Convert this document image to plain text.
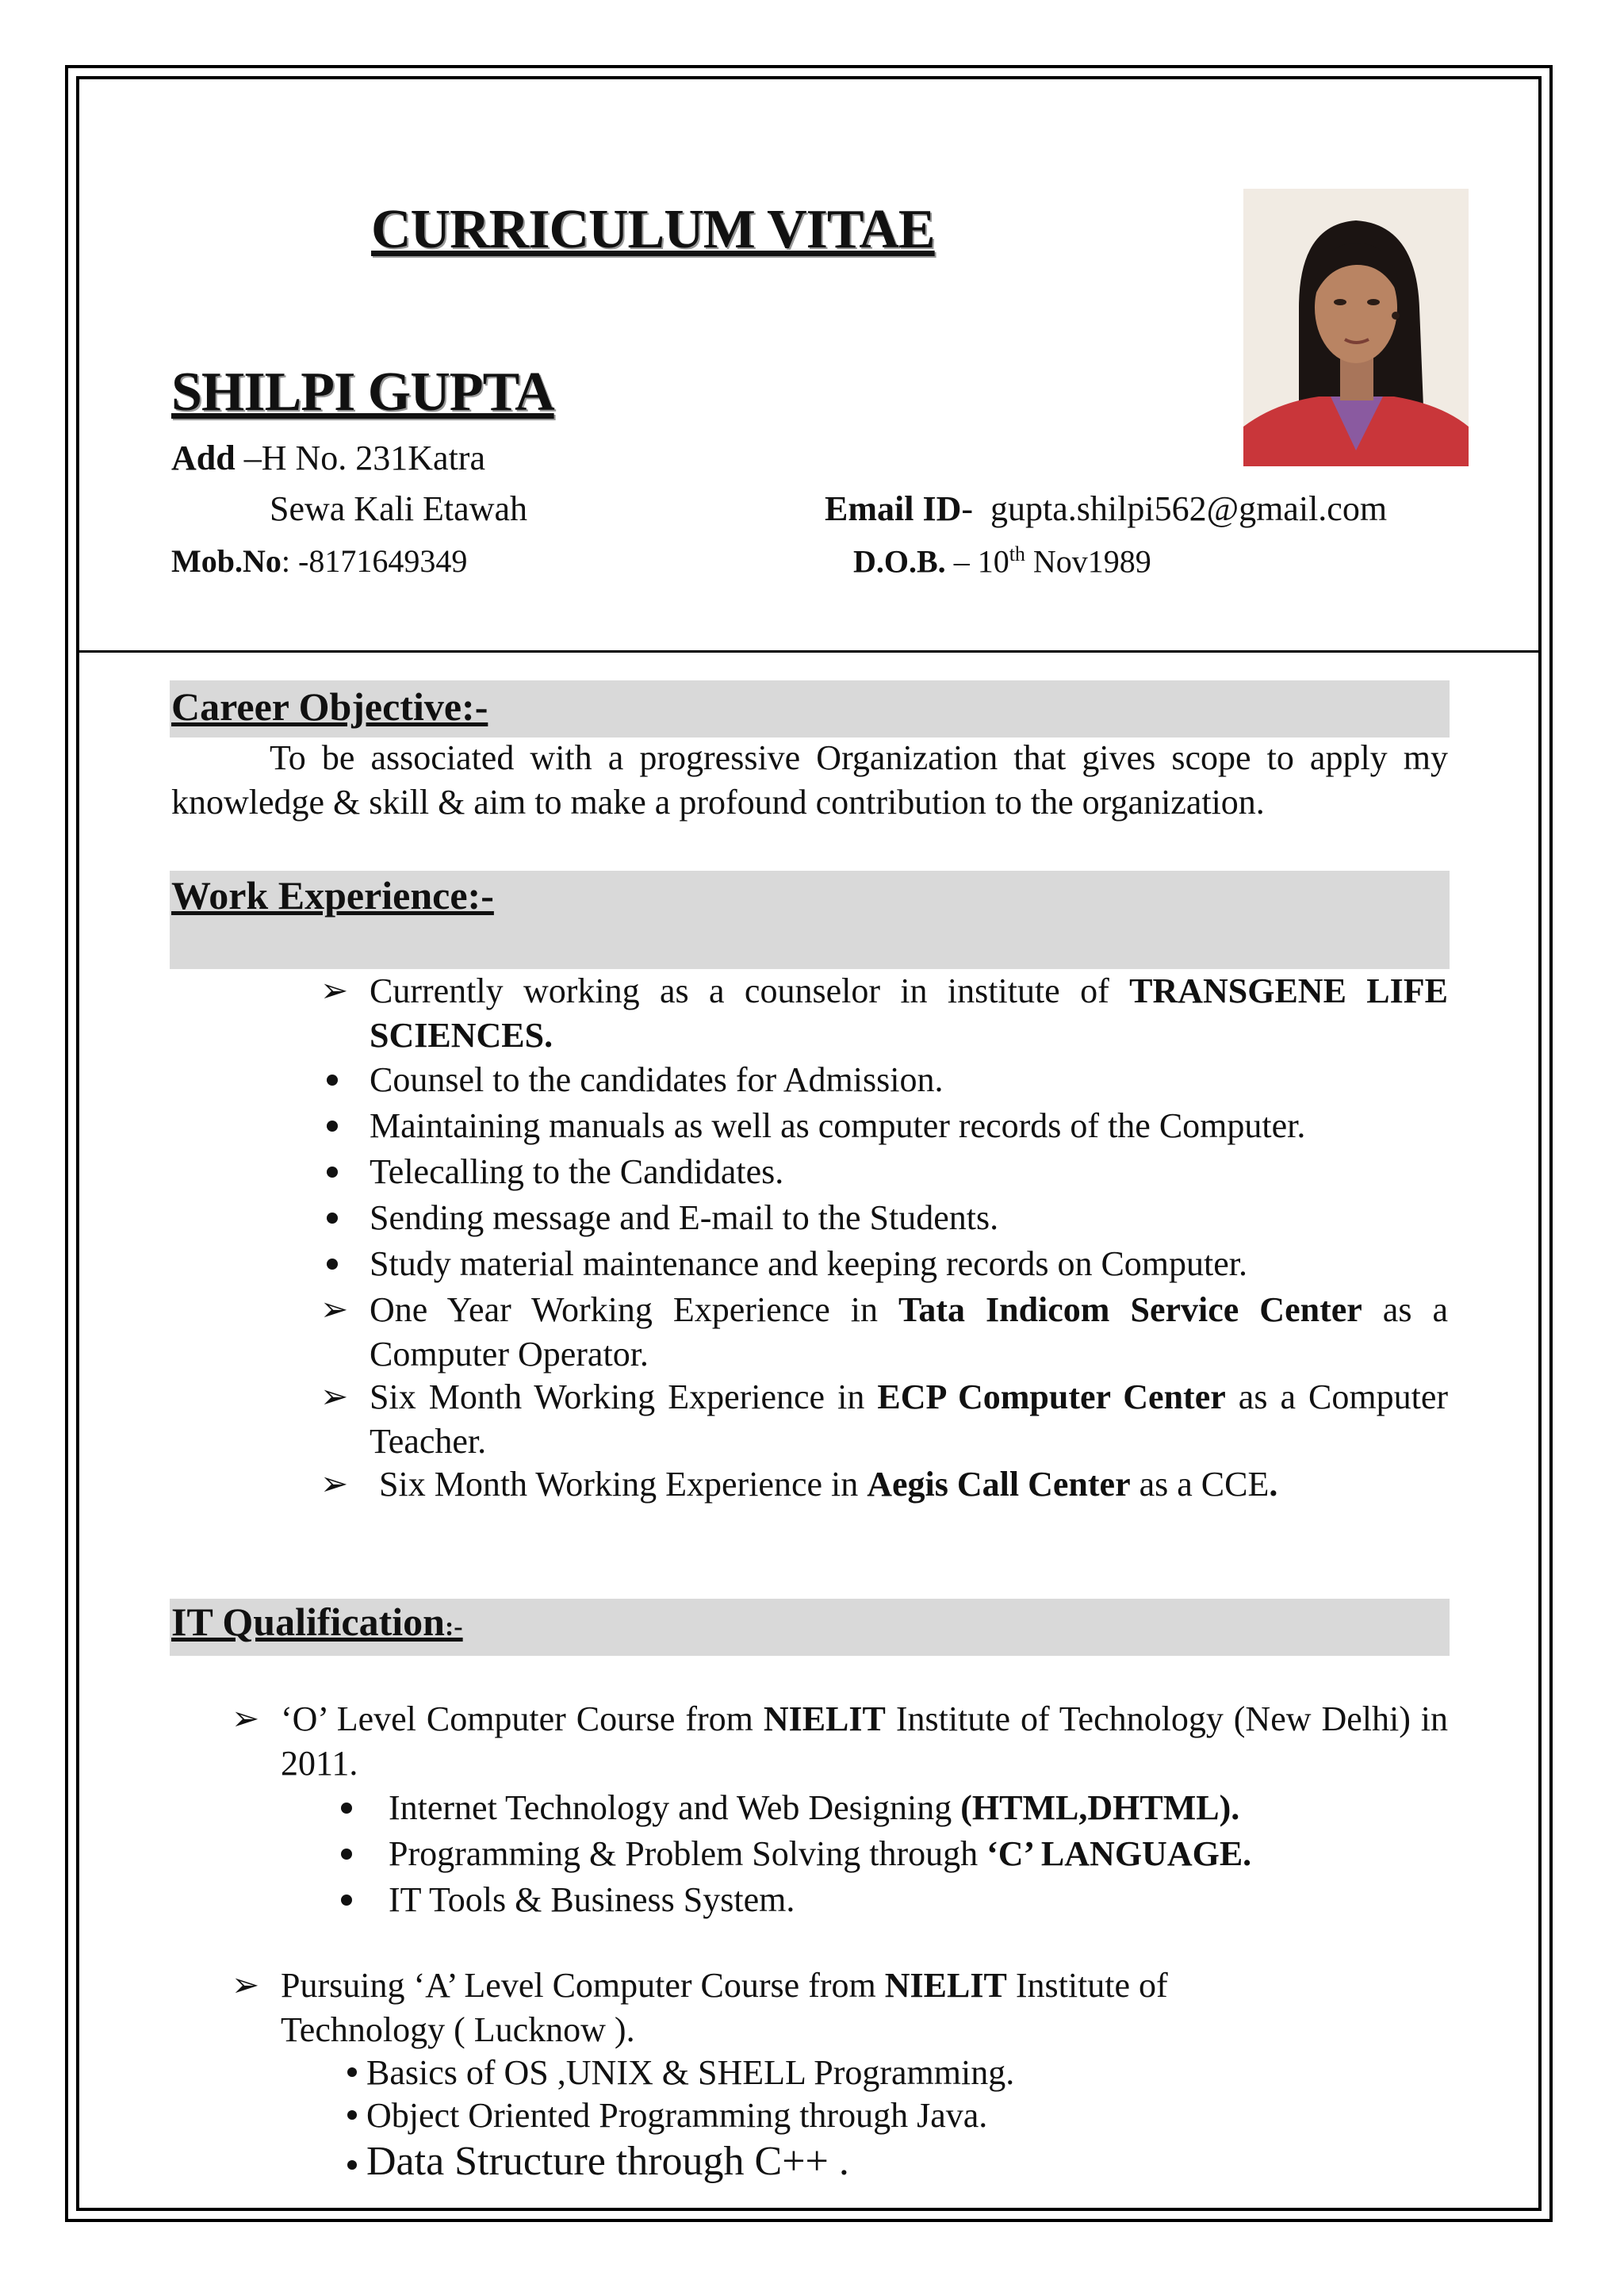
CURRICULUM VITAE
SHILPI GUPTA
Add –H No. 231Katra
Sewa Kali Etawah	Email ID-  gupta.shilpi562@gmail.com
Mob.No: -8171649349	D.O.B. – 10th Nov1989
Career Objective:-
To be associated with a progressive Organization that gives scope to apply my knowledge & skill & aim to make a profound contribution to the organization.
Work Experience:-
➢ Currently working as a counselor in institute of TRANSGENE LIFE SCIENCES.
Counsel to the candidates for Admission.
Maintaining manuals as well as computer records of the Computer.
Telecalling to the Candidates.
Sending message and E-mail to the Students.
Study material maintenance and keeping records on Computer.
➢ One Year Working Experience in Tata Indicom Service Center as a Computer Operator.
➢ Six Month Working Experience in ECP Computer Center as a Computer Teacher.
➢ Six Month Working Experience in Aegis Call Center as a CCE.
IT Qualification:-
➢ ‘O’ Level Computer Course from NIELIT Institute of Technology (New Delhi) in 2011.
Internet Technology and Web Designing (HTML,DHTML).
Programming & Problem Solving through ‘C’ LANGUAGE.
IT Tools & Business System.
➢ Pursuing ‘A’ Level Computer Course from NIELIT Institute of Technology ( Lucknow ).
Basics of OS ,UNIX & SHELL Programming.
Object Oriented Programming through Java.
Data Structure through C++ .
